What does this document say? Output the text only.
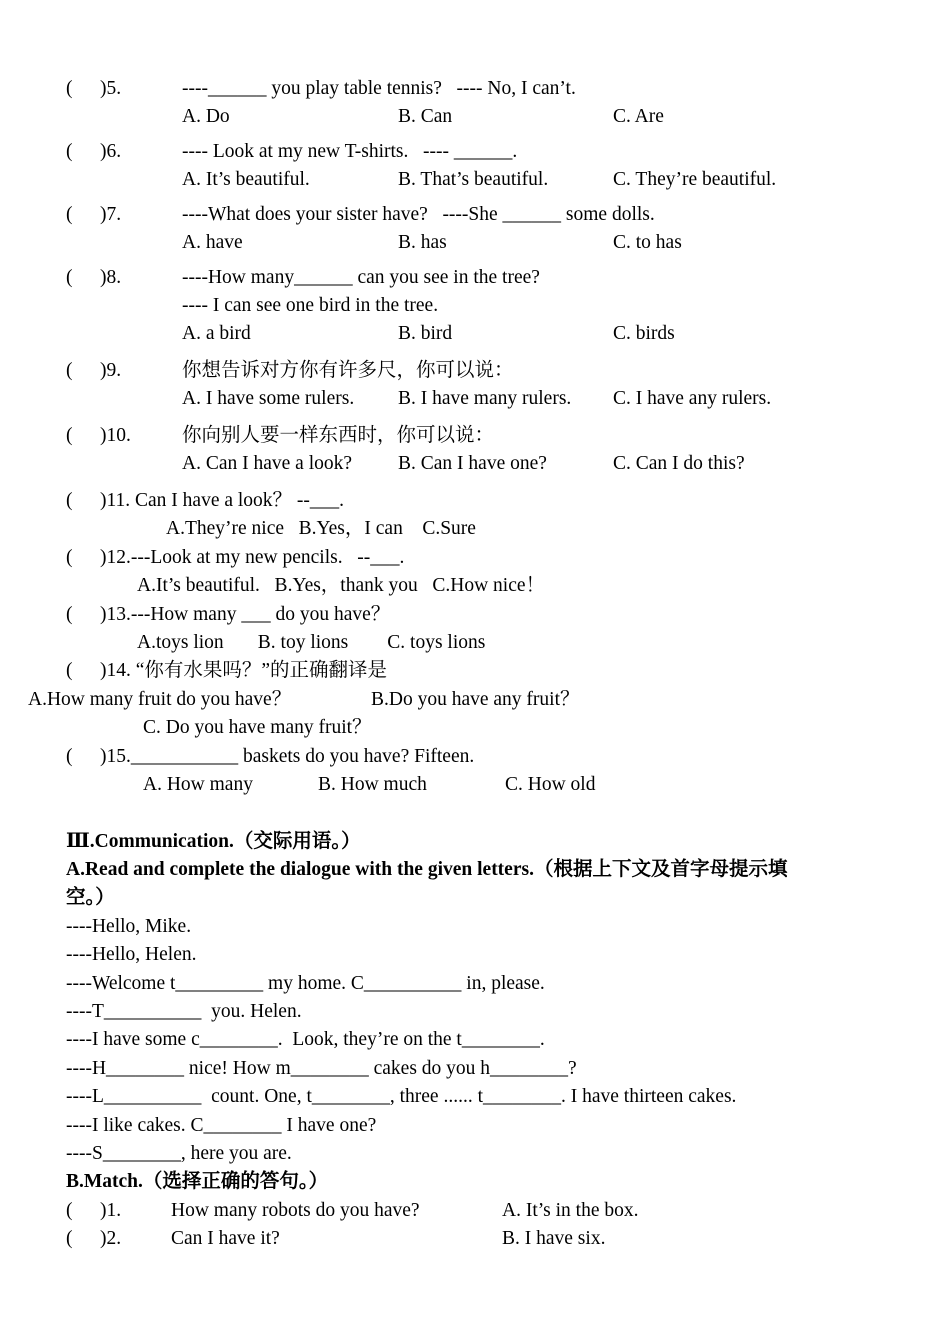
( )5.	----______ you play table tennis?   ---- No, I can’t.
A. Do	B. Can	C. Are
( )6.	---- Look at my new T-shirts.   ---- ______.
A. It’s beautiful.	B. That’s beautiful.	C. They’re beautiful.
( )7.	----What does your sister have?   ----She ______ some dolls.
A. have	B. has	C. to has
( )8.	----How many______ can you see in the tree?
---- I can see one bird in the tree.
A. a bird	B. bird	C. birds
( )9.	你想告诉对方你有许多尺，你可以说：
A. I have some rulers. B. I have many rulers. C. I have any rulers.
( )10.	你向别人要一样东西时，你可以说：
A. Can I have a look? B. Can I have one?	C. Can I do this?
( )11. Can I have a look？ --___.
A.They’re nice   B.Yes，I can    C.Sure
( )12.---Look at my new pencils.   --___.
A.It’s beautiful.   B.Yes，thank you   C.How nice！
( )13.---How many ___ do you have？
A.toys lion       B. toy lions        C. toys lions
( )14. “你有水果吗？”的正确翻译是
A.How many fruit do you have？	B.Do you have any fruit？
C. Do you have many fruit？
( )15.___________ baskets do you have? Fifteen.
A. How many	B. How much	C. How old
Ⅲ.Communication.（交际用语。）
A.Read and complete the dialogue with the given letters.（根据上下文及首字母提示填
空。）
----Hello, Mike.
----Hello, Helen.
----Welcome t_________ my home. C__________ in, please.
----T__________  you. Helen.
----I have some c________.  Look, they’re on the t________.
----H________ nice! How m________ cakes do you h________?
----L__________  count. One, t________, three ...... t________. I have thirteen cakes.
----I like cakes. C________ I have one?
----S________, here you are.
B.Match.（选择正确的答句。）
( )1.	How many robots do you have?	A. It’s in the box.
( )2.	Can I have it?	B. I have six.
